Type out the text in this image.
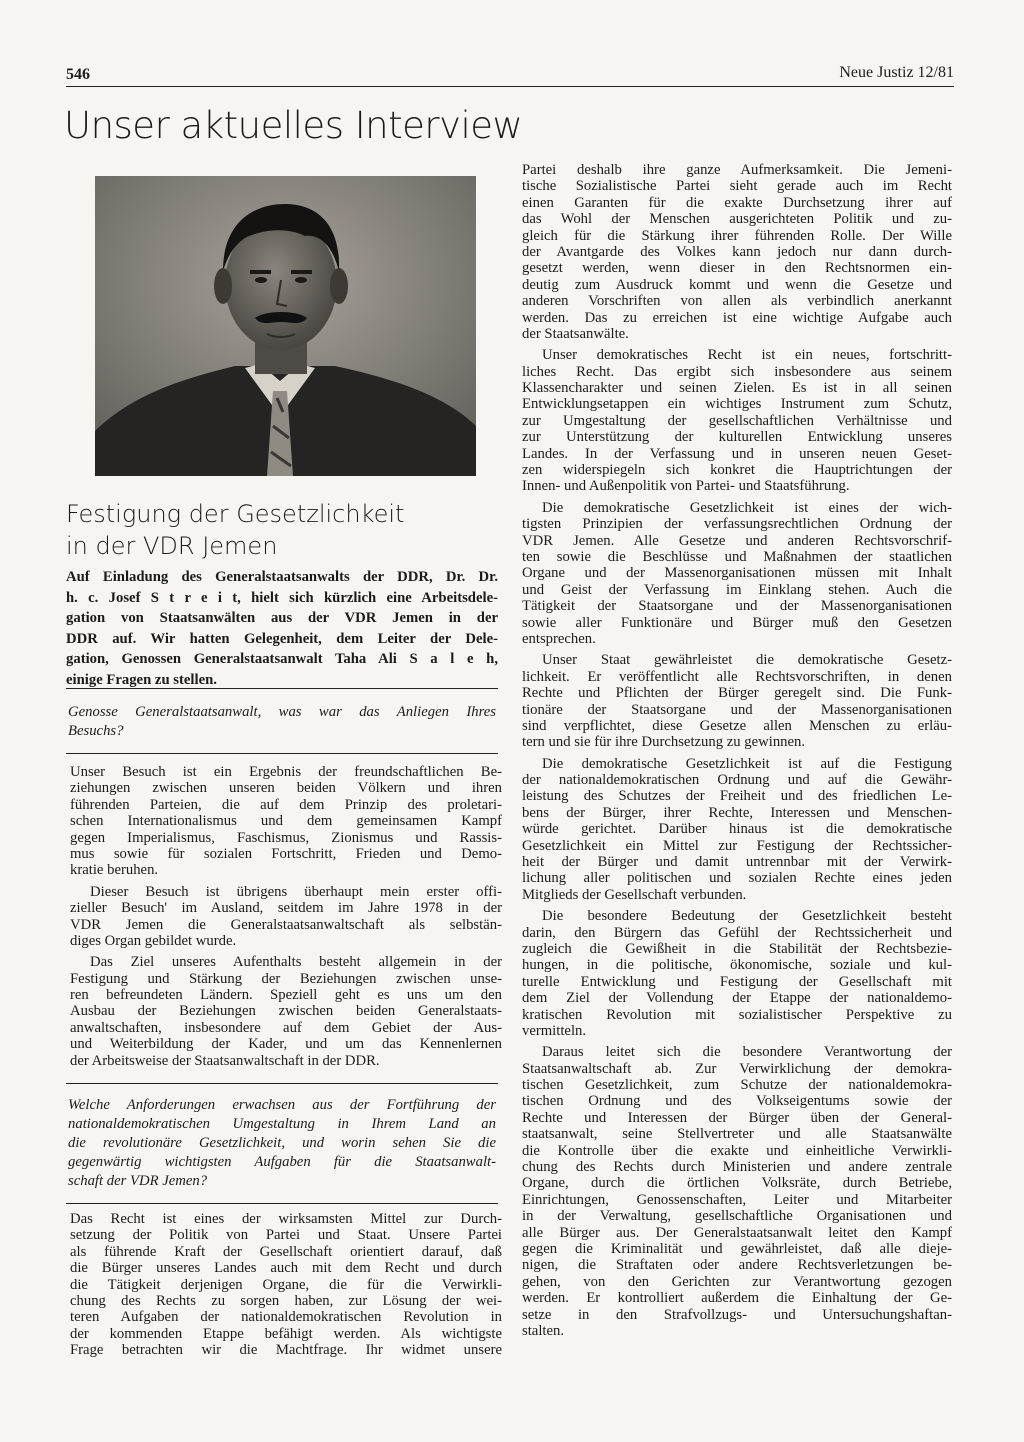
546	Neue Justiz 12/81
Unser aktuelles Interview
Festigung der Gesetzlichkeit
in der VDR Jemen

Auf Einladung des Generalstaatsanwalts der DDR, Dr. Dr.
h. c. Josef S t r e i t, hielt sich kürzlich eine Arbeitsdele-
gation von Staatsanwälten aus der VDR Jemen in der
DDR auf. Wir hatten Gelegenheit, dem Leiter der Dele-
gation, Genossen Generalstaatsanwalt Taha Ali S a l e h,
einige Fragen zu stellen.

Genosse Generalstaatsanwalt, was war das Anliegen Ihres
Besuchs?

Unser Besuch ist ein Ergebnis der freundschaftlichen Be-
ziehungen zwischen unseren beiden Völkern und ihren
führenden Parteien, die auf dem Prinzip des proletari-
schen Internationalismus und dem gemeinsamen Kampf
gegen Imperialismus, Faschismus, Zionismus und Rassis-
mus sowie für sozialen Fortschritt, Frieden und Demo-
kratie beruhen.

Dieser Besuch ist übrigens überhaupt mein erster offi-
zieller Besuch' im Ausland, seitdem im Jahre 1978 in der
VDR Jemen die Generalstaatsanwaltschaft als selbstän-
diges Organ gebildet wurde.

Das Ziel unseres Aufenthalts besteht allgemein in der
Festigung und Stärkung der Beziehungen zwischen unse-
ren befreundeten Ländern. Speziell geht es uns um den
Ausbau der Beziehungen zwischen beiden Generalstaats-
anwaltschaften, insbesondere auf dem Gebiet der Aus-
und Weiterbildung der Kader, und um das Kennenlernen
der Arbeitsweise der Staatsanwaltschaft in der DDR.

Welche Anforderungen erwachsen aus der Fortführung der
nationaldemokratischen Umgestaltung in Ihrem Land an
die revolutionäre Gesetzlichkeit, und worin sehen Sie die
gegenwärtig wichtigsten Aufgaben für die Staatsanwalt-
schaft der VDR Jemen?

Das Recht ist eines der wirksamsten Mittel zur Durch-
setzung der Politik von Partei und Staat. Unsere Partei
als führende Kraft der Gesellschaft orientiert darauf, daß
die Bürger unseres Landes auch mit dem Recht und durch
die Tätigkeit derjenigen Organe, die für die Verwirkli-
chung des Rechts zu sorgen haben, zur Lösung der wei-
teren Aufgaben der nationaldemokratischen Revolution in
der kommenden Etappe befähigt werden. Als wichtigste
Frage betrachten wir die Machtfrage. Ihr widmet unsere

Partei deshalb ihre ganze Aufmerksamkeit. Die Jemeni-
tische Sozialistische Partei sieht gerade auch im Recht
einen Garanten für die exakte Durchsetzung ihrer auf
das Wohl der Menschen ausgerichteten Politik und zu-
gleich für die Stärkung ihrer führenden Rolle. Der Wille
der Avantgarde des Volkes kann jedoch nur dann durch-
gesetzt werden, wenn dieser in den Rechtsnormen ein-
deutig zum Ausdruck kommt und wenn die Gesetze und
anderen Vorschriften von allen als verbindlich anerkannt
werden. Das zu erreichen ist eine wichtige Aufgabe auch
der Staatsanwälte.

Unser demokratisches Recht ist ein neues, fortschritt-
liches Recht. Das ergibt sich insbesondere aus seinem
Klassencharakter und seinen Zielen. Es ist in all seinen
Entwicklungsetappen ein wichtiges Instrument zum Schutz,
zur Umgestaltung der gesellschaftlichen Verhältnisse und
zur Unterstützung der kulturellen Entwicklung unseres
Landes. In der Verfassung und in unseren neuen Geset-
zen widerspiegeln sich konkret die Hauptrichtungen der
Innen- und Außenpolitik von Partei- und Staatsführung.

Die demokratische Gesetzlichkeit ist eines der wich-
tigsten Prinzipien der verfassungsrechtlichen Ordnung der
VDR Jemen. Alle Gesetze und anderen Rechtsvorschrif-
ten sowie die Beschlüsse und Maßnahmen der staatlichen
Organe und der Massenorganisationen müssen mit Inhalt
und Geist der Verfassung im Einklang stehen. Auch die
Tätigkeit der Staatsorgane und der Massenorganisationen
sowie aller Funktionäre und Bürger muß den Gesetzen
entsprechen.

Unser Staat gewährleistet die demokratische Gesetz-
lichkeit. Er veröffentlicht alle Rechtsvorschriften, in denen
Rechte und Pflichten der Bürger geregelt sind. Die Funk-
tionäre der Staatsorgane und der Massenorganisationen
sind verpflichtet, diese Gesetze allen Menschen zu erläu-
tern und sie für ihre Durchsetzung zu gewinnen.

Die demokratische Gesetzlichkeit ist auf die Festigung
der nationaldemokratischen Ordnung und auf die Gewähr-
leistung des Schutzes der Freiheit und des friedlichen Le-
bens der Bürger, ihrer Rechte, Interessen und Menschen-
würde gerichtet. Darüber hinaus ist die demokratische
Gesetzlichkeit ein Mittel zur Festigung der Rechtssicher-
heit der Bürger und damit untrennbar mit der Verwirk-
lichung aller politischen und sozialen Rechte eines jeden
Mitglieds der Gesellschaft verbunden.

Die besondere Bedeutung der Gesetzlichkeit besteht
darin, den Bürgern das Gefühl der Rechtssicherheit und
zugleich die Gewißheit in die Stabilität der Rechtsbezie-
hungen, in die politische, ökonomische, soziale und kul-
turelle Entwicklung und Festigung der Gesellschaft mit
dem Ziel der Vollendung der Etappe der nationaldemo-
kratischen Revolution mit sozialistischer Perspektive zu
vermitteln.

Daraus leitet sich die besondere Verantwortung der
Staatsanwaltschaft ab. Zur Verwirklichung der demokra-
tischen Gesetzlichkeit, zum Schutze der nationaldemokra-
tischen Ordnung und des Volkseigentums sowie der
Rechte und Interessen der Bürger üben der General-
staatsanwalt, seine Stellvertreter und alle Staatsanwälte
die Kontrolle über die exakte und einheitliche Verwirkli-
chung des Rechts durch Ministerien und andere zentrale
Organe, durch die örtlichen Volksräte, durch Betriebe,
Einrichtungen, Genossenschaften, Leiter und Mitarbeiter
in der Verwaltung, gesellschaftliche Organisationen und
alle Bürger aus. Der Generalstaatsanwalt leitet den Kampf
gegen die Kriminalität und gewährleistet, daß alle dieje-
nigen, die Straftaten oder andere Rechtsverletzungen be-
gehen, von den Gerichten zur Verantwortung gezogen
werden. Er kontrolliert außerdem die Einhaltung der Ge-
setze in den Strafvollzugs- und Untersuchungshaftan-
stalten.
